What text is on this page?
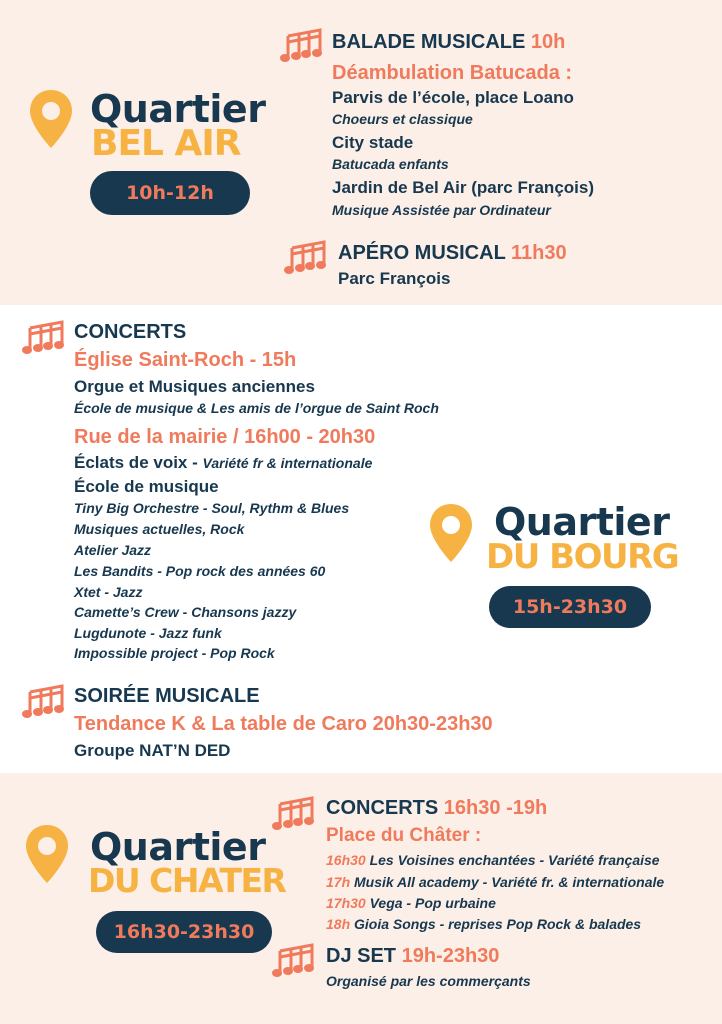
Quartier
BEL AIR
10h-12h
BALADE MUSICALE 10h
Déambulation Batucada :
Parvis de l’école, place Loano
Choeurs et classique
City stade
Batucada enfants
Jardin de Bel Air (parc François)
Musique Assistée par Ordinateur
APÉRO MUSICAL 11h30
Parc François
CONCERTS
Église Saint-Roch - 15h
Orgue et Musiques anciennes
École de musique & Les amis de l’orgue de Saint Roch
Rue de la mairie / 16h00 - 20h30
Éclats de voix - Variété fr & internationale
École de musique
Tiny Big Orchestre - Soul, Rythm & Blues
Musiques actuelles, Rock
Atelier Jazz
Les Bandits - Pop rock des années 60
Xtet - Jazz
Camette’s Crew - Chansons jazzy
Lugdunote - Jazz funk
Impossible project - Pop Rock
Quartier
DU BOURG
15h-23h30
SOIRÉE MUSICALE
Tendance K & La table de Caro 20h30-23h30
Groupe NAT’N DED
Quartier
DU CHATER
16h30-23h30
CONCERTS 16h30 -19h
Place du Châter :
16h30 Les Voisines enchantées - Variété française
17h Musik All academy - Variété fr. & internationale
17h30 Vega - Pop urbaine
18h Gioia Songs - reprises Pop Rock & balades
DJ SET 19h-23h30
Organisé par les commerçants
